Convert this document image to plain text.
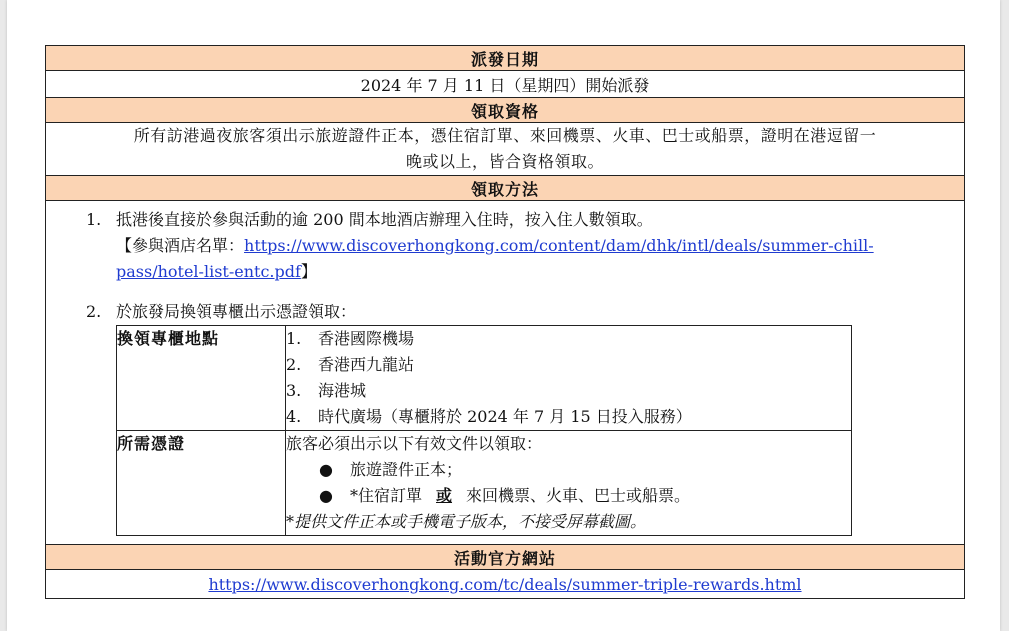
派發日期
2024 年 7 月 11 日（星期四）開始派發
領取資格

所有訪港過夜旅客須出示旅遊證件正本，憑住宿訂單、來回機票、火車、巴士或船票，證明在港逗留一
晚或以上，皆合資格領取。

領取方法

1. 抵港後直接於參與活動的逾 200 間本地酒店辦理入住時，按入住人數領取。
【參與酒店名單：https://www.discoverhongkong.com/content/dam/dhk/intl/deals/summer-chill-
pass/hotel-list-entc.pdf】
2. 於旅發局換領專櫃出示憑證領取：
換領專櫃地點	1. 香港國際機場
2. 香港西九龍站
3. 海港城
4. 時代廣場（專櫃將於 2024 年 7 月 15 日投入服務）

所需憑證	旅客必須出示以下有效文件以領取：
● 旅遊證件正本；
● *住宿訂單 或 來回機票、火車、巴士或船票。
*提供文件正本或手機電子版本，不接受屏幕截圖。

活動官方網站
https://www.discoverhongkong.com/tc/deals/summer-triple-rewards.html
